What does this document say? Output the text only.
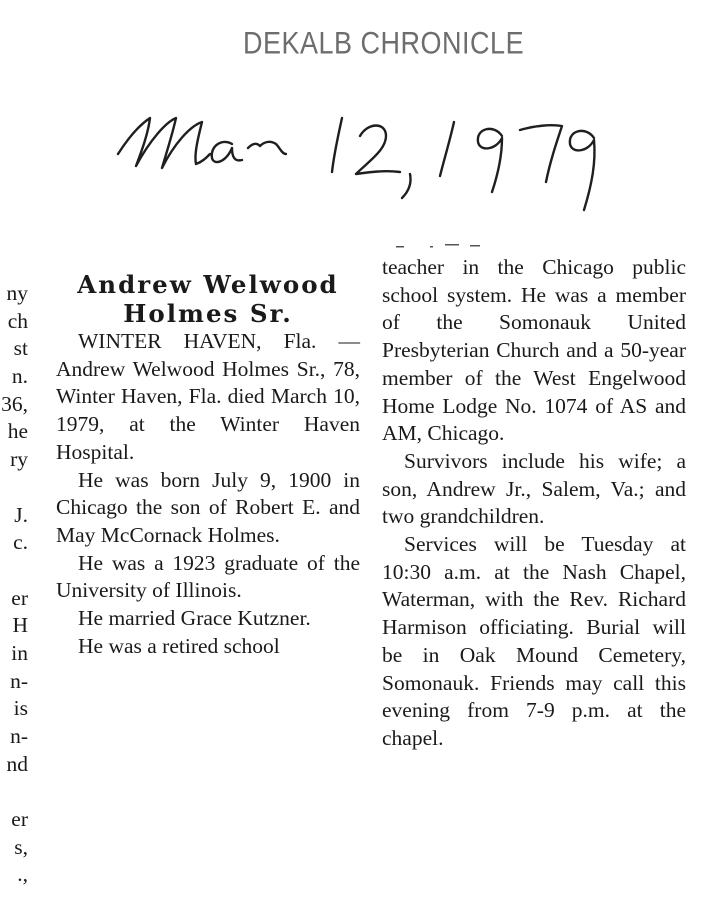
DEKALB CHRONICLE
ny
ch
st
n.
36,
he
ry
J.
c.
er
H
in
n-
is
n-
nd
er
s,
.,
Andrew Welwood
Holmes Sr.

WINTER HAVEN, Fla. — Andrew Welwood Holmes Sr., 78, Winter Haven, Fla. died March 10, 1979, at the Winter Haven Hospital.

He was born July 9, 1900 in Chicago the son of Robert E. and May McCornack Holmes.

He was a 1923 graduate of the University of Illinois.

He married Grace Kutzner.

He was a retired school

teacher in the Chicago public school system. He was a member of the Somonauk United Presbyterian Church and a 50-year member of the West Engelwood Home Lodge No. 1074 of AS and AM, Chicago.

Survivors include his wife; a son, Andrew Jr., Salem, Va.; and two grandchildren.

Services will be Tuesday at 10:30 a.m. at the Nash Chapel, Waterman, with the Rev. Richard Harmison officiating. Burial will be in Oak Mound Cemetery, Somonauk. Friends may call this evening from 7-9 p.m. at the chapel.
